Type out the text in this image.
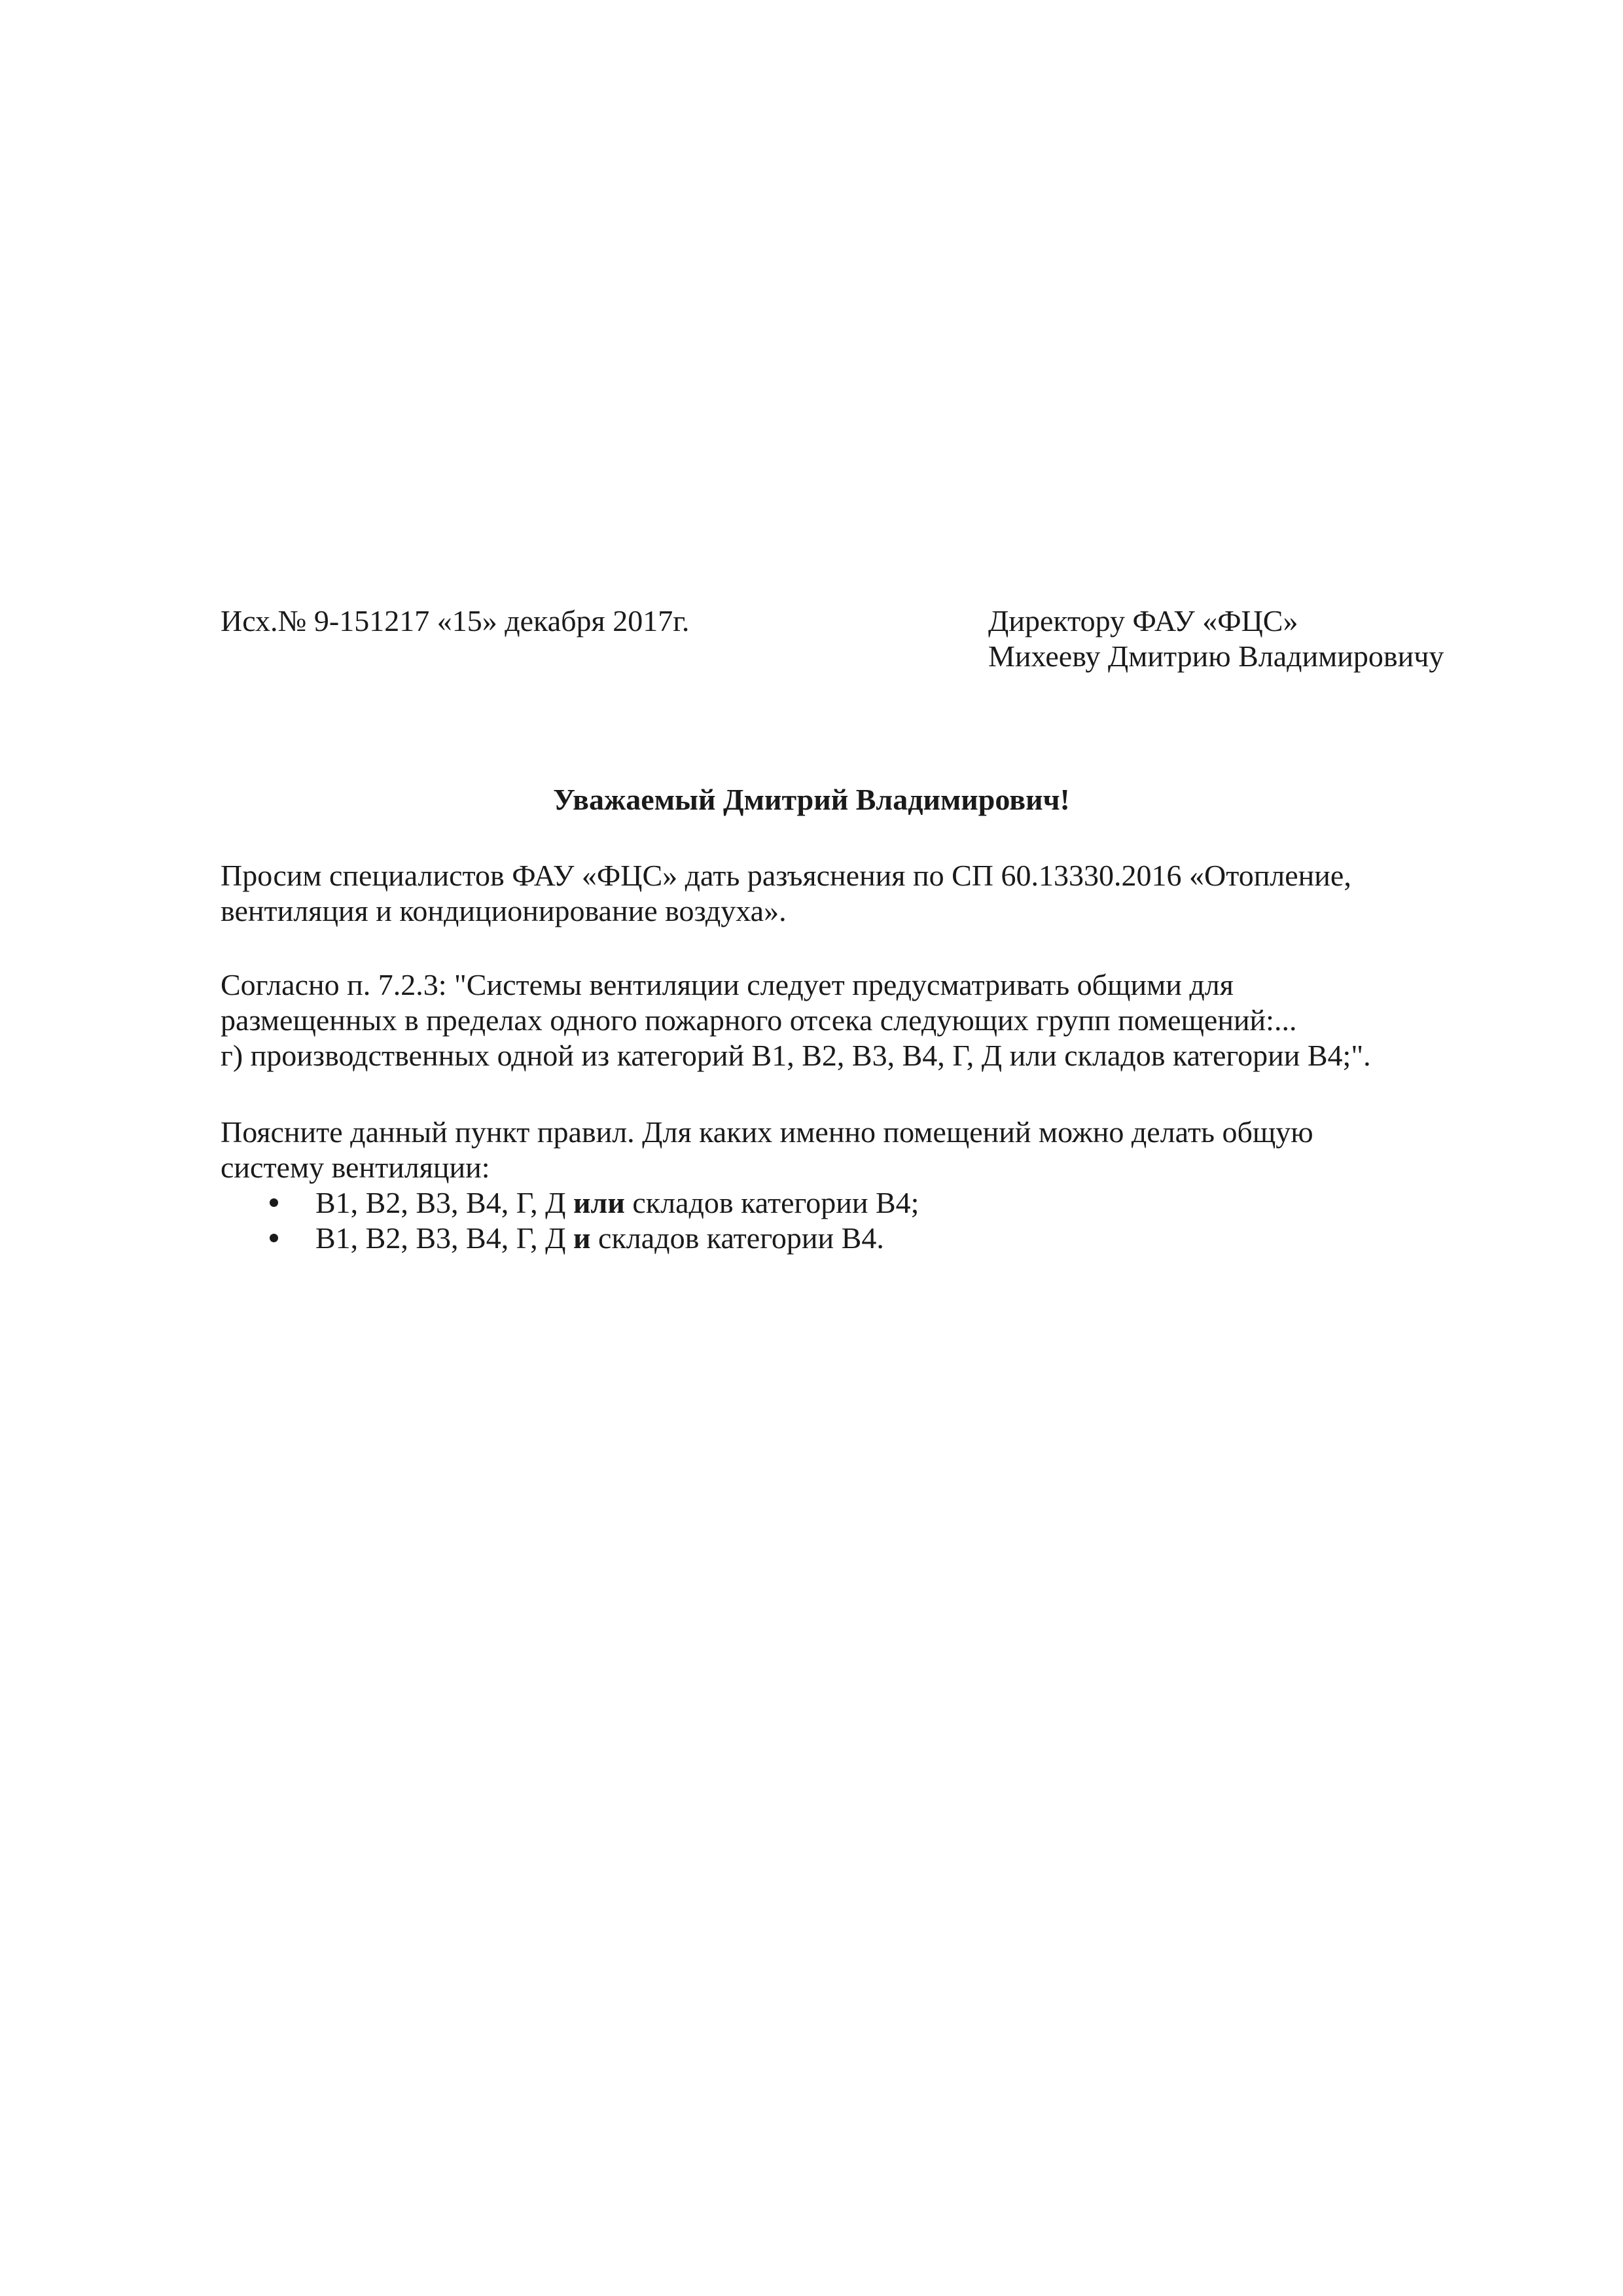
Исх.№ 9-151217 «15» декабря 2017г.	Директору ФАУ «ФЦС»
Михееву Дмитрию Владимировичу
Уважаемый Дмитрий Владимирович!
Просим специалистов ФАУ «ФЦС» дать разъяснения по СП 60.13330.2016 «Отопление,
вентиляция и кондиционирование воздуха».
Согласно п. 7.2.3: "Системы вентиляции следует предусматривать общими для
размещенных в пределах одного пожарного отсека следующих групп помещений:...
г) производственных одной из категорий В1, В2, В3, В4, Г, Д или складов категории В4;".
Поясните данный пункт правил. Для каких именно помещений можно делать общую
систему вентиляции:
В1, В2, В3, В4, Г, Д или складов категории В4;
В1, В2, В3, В4, Г, Д и складов категории В4.
